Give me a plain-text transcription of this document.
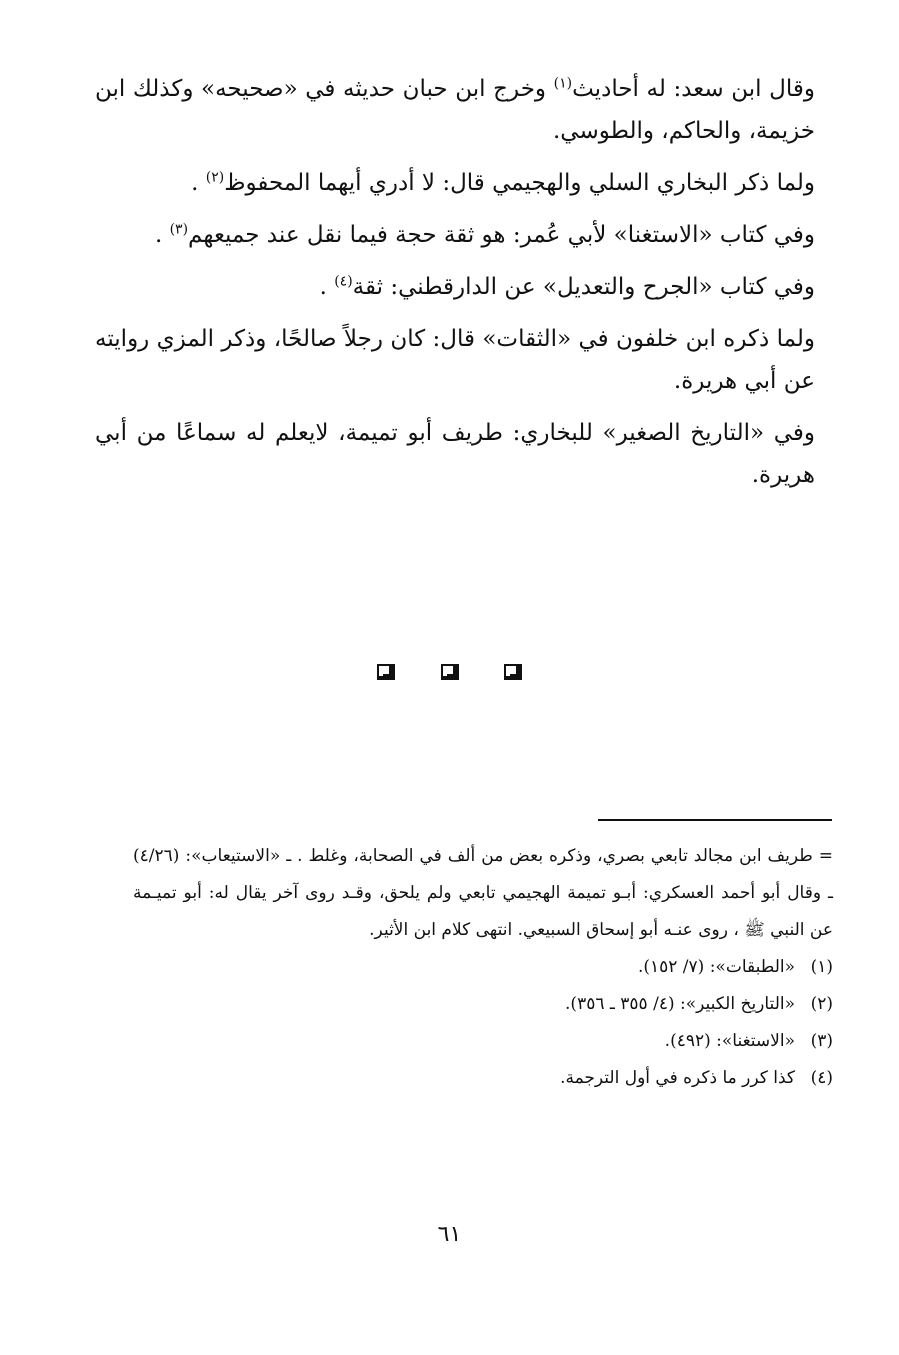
وقال ابن سعد: له أحاديث$^{(١)}$ وخرج ابن حبان حديثه في «صحيحه» وكذلك ابن خزيمة، والحاكم، والطوسي.

ولما ذكر البخاري السلي والهجيمي قال: لا أدري أيهما المحفوظ$^{(٢)}$ .

وفي كتاب «الاستغنا» لأبي عُمر: هو ثقة حجة فيما نقل عند جميعهم$^{(٣)}$ .

وفي كتاب «الجرح والتعديل» عن الدارقطني: ثقة$^{(٤)}$ .

ولما ذكره ابن خلفون في «الثقات» قال: كان رجلاً صالحًا، وذكر المزي روايته عن أبي هريرة.

وفي «التاريخ الصغير» للبخاري: طريف أبو تميمة، لايعلم له سماعًا من أبي هريرة.

= طريف ابن مجالد تابعي بصري، وذكره بعض من ألف في الصحابة، وغلط . ـ «الاستيعاب»: (٤/٢٦) ـ وقال أبو أحمد العسكري: أبـو تميمة الهجيمي تابعي ولم يلحق، وقـد روى آخر يقال له: أبو تميـمة عن النبي ﷺ ، روى عنـه أبو إسحاق السبيعي. انتهى كلام ابن الأثير.

(١)
«الطبقات»: (٧/ ١٥٢).
(٢)
«التاريخ الكبير»: (٤/ ٣٥٥ ـ ٣٥٦).
(٣)
«الاستغنا»: (٤٩٢).
(٤)
كذا كرر ما ذكره في أول الترجمة.
٦١
